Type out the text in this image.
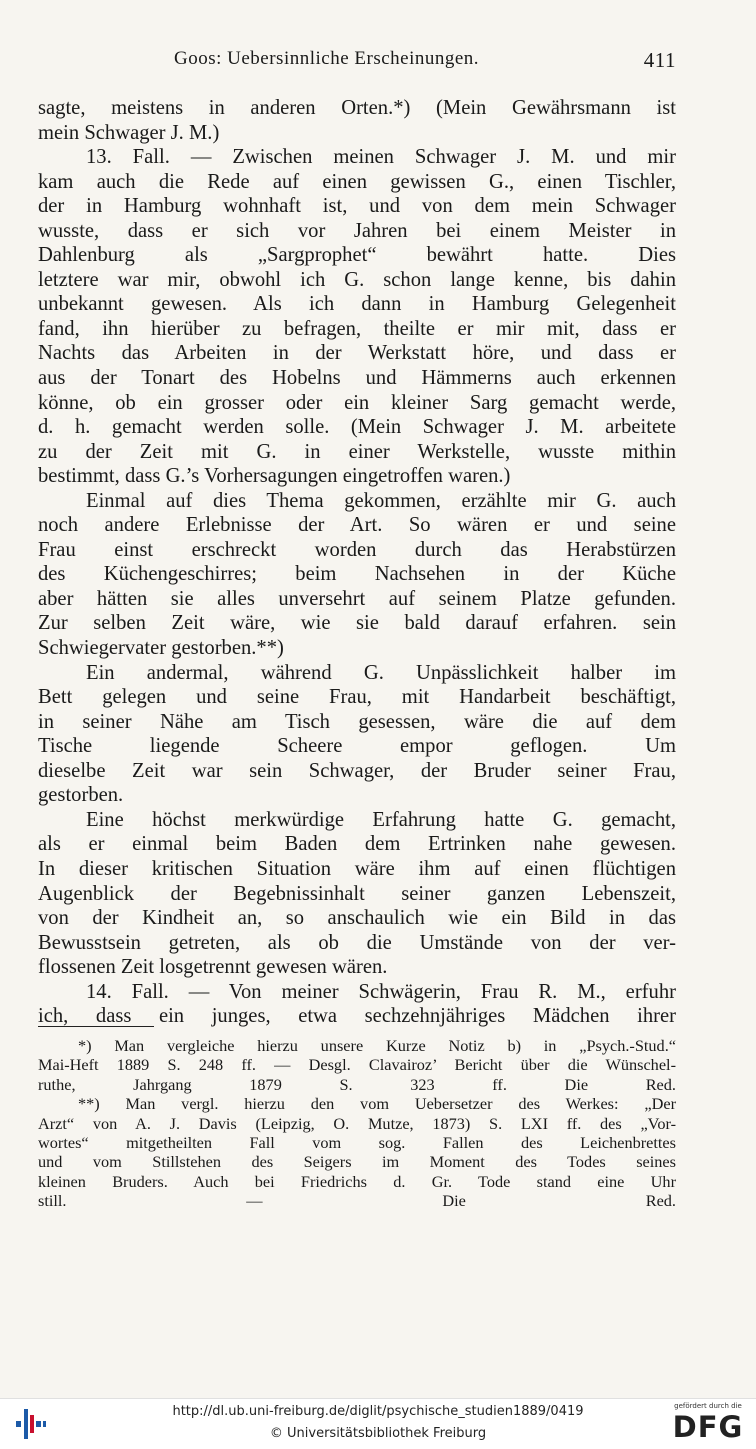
Goos: Uebersinnliche Erscheinungen.	411
sagte, meistens in anderen Orten.*) (Mein Gewährsmann ist
mein Schwager J. M.)
13. Fall. — Zwischen meinen Schwager J. M. und mir
kam auch die Rede auf einen gewissen G., einen Tischler,
der in Hamburg wohnhaft ist, und von dem mein Schwager
wusste, dass er sich vor Jahren bei einem Meister in
Dahlenburg als „Sargprophet“ bewährt hatte. Dies
letztere war mir, obwohl ich G. schon lange kenne, bis dahin
unbekannt gewesen. Als ich dann in Hamburg Gelegenheit
fand, ihn hierüber zu befragen, theilte er mir mit, dass er
Nachts das Arbeiten in der Werkstatt höre, und dass er
aus der Tonart des Hobelns und Hämmerns auch erkennen
könne, ob ein grosser oder ein kleiner Sarg gemacht werde,
d. h. gemacht werden solle. (Mein Schwager J. M. arbeitete
zu der Zeit mit G. in einer Werkstelle, wusste mithin
bestimmt, dass G.’s Vorhersagungen eingetroffen waren.)
Einmal auf dies Thema gekommen, erzählte mir G. auch
noch andere Erlebnisse der Art. So wären er und seine
Frau einst erschreckt worden durch das Herabstürzen
des Küchengeschirres; beim Nachsehen in der Küche
aber hätten sie alles unversehrt auf seinem Platze gefunden.
Zur selben Zeit wäre, wie sie bald darauf erfahren. sein
Schwiegervater gestorben.**)
Ein andermal, während G. Unpässlichkeit halber im
Bett gelegen und seine Frau, mit Handarbeit beschäftigt,
in seiner Nähe am Tisch gesessen, wäre die auf dem
Tische liegende Scheere empor geflogen. Um
dieselbe Zeit war sein Schwager, der Bruder seiner Frau,
gestorben.
Eine höchst merkwürdige Erfahrung hatte G. gemacht,
als er einmal beim Baden dem Ertrinken nahe gewesen.
In dieser kritischen Situation wäre ihm auf einen flüchtigen
Augenblick der Begebnissinhalt seiner ganzen Lebenszeit,
von der Kindheit an, so anschaulich wie ein Bild in das
Bewusstsein getreten, als ob die Umstände von der ver-
flossenen Zeit losgetrennt gewesen wären.
14. Fall. — Von meiner Schwägerin, Frau R. M., erfuhr
ich, dass ein junges, etwa sechzehnjähriges Mädchen ihrer
*) Man vergleiche hierzu unsere Kurze Notiz b) in „Psych.-Stud.“
Mai-Heft 1889 S. 248 ff. — Desgl. Clavairoz’ Bericht über die Wünschel-
ruthe, Jahrgang 1879 S. 323 ff. Die Red.
**) Man vergl. hierzu den vom Uebersetzer des Werkes: „Der
Arzt“ von A. J. Davis (Leipzig, O. Mutze, 1873) S. LXI ff. des „Vor-
wortes“ mitgetheilten Fall vom sog. Fallen des Leichenbrettes
und vom Stillstehen des Seigers im Moment des Todes seines
kleinen Bruders. Auch bei Friedrichs d. Gr. Tode stand eine Uhr
still. — Die Red.
http://dl.ub.uni-freiburg.de/diglit/psychische_studien1889/0419
© Universitätsbibliothek Freiburg
gefördert durch die
DFG
